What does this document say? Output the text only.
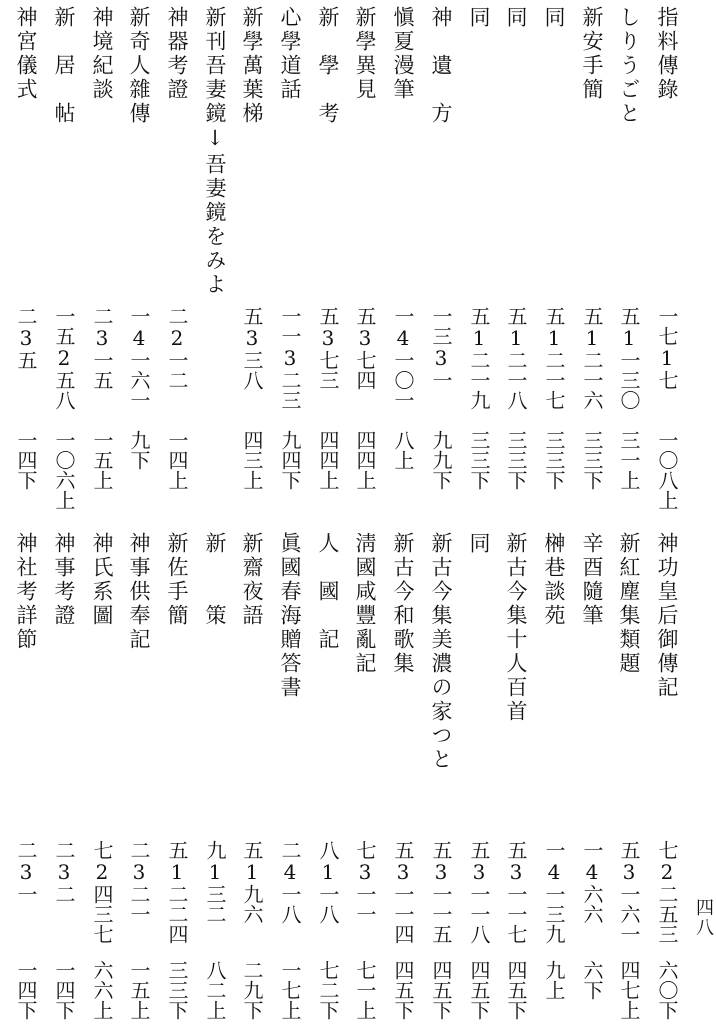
四八
指料傳錄
一七1七
一〇八上
しりうごと
五1一三〇
三一上
新安手簡
五1二一六
三三下
同
五1二一七
三三下
同
五1二一八
三三下
同
五1二一九
三三下
神　遺　方
一三3一
九九下
愼夏漫筆
一4一〇一
八上
新學異見
五3七四
四四上
新　學　考
五3七三
四四上
心學道話
一一3二三
九四下
新學萬葉梯
五3三八
四三上
新刊吾妻鏡↓吾妻鏡をみよ
神器考證
二2一二
一四上
新奇人雜傳
一4一六一
九下
神境紀談
二3一五
一五上
新　居　帖
一五2五八
一〇六上
神宮儀式
二3五
一四下
神功皇后御傳記
七2二五三
六〇下
新紅塵集類題
五3一六一
四七上
辛酉隨筆
一4六六
六下
榊巷談苑
一4一三九
九上
新古今集十人百首
五3一一七
四五下
同
五3一一八
四五下
新古今集美濃の家つと
五3一一五
四五下
新古今和歌集
五3一一四
四五下
淸國咸豐亂記
七3一一
七一上
人　國　記
八1一八
七二下
眞國春海贈答書
二4一八
一七上
新齋夜語
五1九六
二九下
新　　策
九1三二
八二上
新佐手簡
五1二二四
三三下
神事供奉記
二3二一
一五上
神氏系圖
七2四三七
六六上
神事考證
二3二
一四下
神社考詳節
二3一
一四下
